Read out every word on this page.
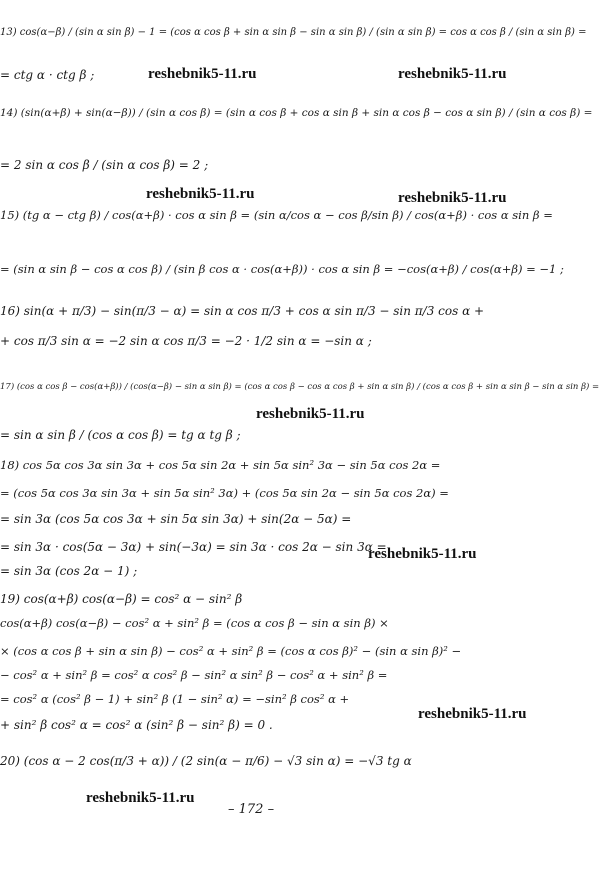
13) cos(α−β) / (sin α sin β) − 1 = (cos α cos β + sin α sin β − sin α sin β) / (sin α sin β) = cos α cos β / (sin α sin β) =
= ctg α · ctg β ;
14) (sin(α+β) + sin(α−β)) / (sin α cos β) = (sin α cos β + cos α sin β + sin α cos β − cos α sin β) / (sin α cos β) =
= 2 sin α cos β / (sin α cos β) = 2 ;
15) (tg α − ctg β) / cos(α+β) · cos α sin β = (sin α/cos α − cos β/sin β) / cos(α+β) · cos α sin β =
= (sin α sin β − cos α cos β) / (sin β cos α · cos(α+β)) · cos α sin β = −cos(α+β) / cos(α+β) = −1 ;
16) sin(α + π/3) − sin(π/3 − α) = sin α cos π/3 + cos α sin π/3 − sin π/3 cos α +
+ cos π/3 sin α = −2 sin α cos π/3 = −2 · 1/2 sin α = −sin α ;
17) (cos α cos β − cos(α+β)) / (cos(α−β) − sin α sin β) = (cos α cos β − cos α cos β + sin α sin β) / (cos α cos β + sin α sin β − sin α sin β) =
= sin α sin β / (cos α cos β) = tg α tg β ;
18) cos 5α cos 3α sin 3α + cos 5α sin 2α + sin 5α sin² 3α − sin 5α cos 2α =
= (cos 5α cos 3α sin 3α + sin 5α sin² 3α) + (cos 5α sin 2α − sin 5α cos 2α) =
= sin 3α (cos 5α cos 3α + sin 5α sin 3α) + sin(2α − 5α) =
= sin 3α · cos(5α − 3α) + sin(−3α) = sin 3α · cos 2α − sin 3α =
= sin 3α (cos 2α − 1) ;
19) cos(α+β) cos(α−β) = cos² α − sin² β
cos(α+β) cos(α−β) − cos² α + sin² β = (cos α cos β − sin α sin β) ×
× (cos α cos β + sin α sin β) − cos² α + sin² β = (cos α cos β)² − (sin α sin β)² −
− cos² α + sin² β = cos² α cos² β − sin² α sin² β − cos² α + sin² β =
= cos² α (cos² β − 1) + sin² β (1 − sin² α) = −sin² β cos² α +
+ sin² β cos² α = cos² α (sin² β − sin² β) = 0 .
20) (cos α − 2 cos(π/3 + α)) / (2 sin(α − π/6) − √3 sin α) = −√3 tg α
reshebnik5-11.ru	reshebnik5-11.ru
reshebnik5-11.ru	reshebnik5-11.ru
reshebnik5-11.ru
reshebnik5-11.ru
reshebnik5-11.ru
reshebnik5-11.ru
– 172 –
